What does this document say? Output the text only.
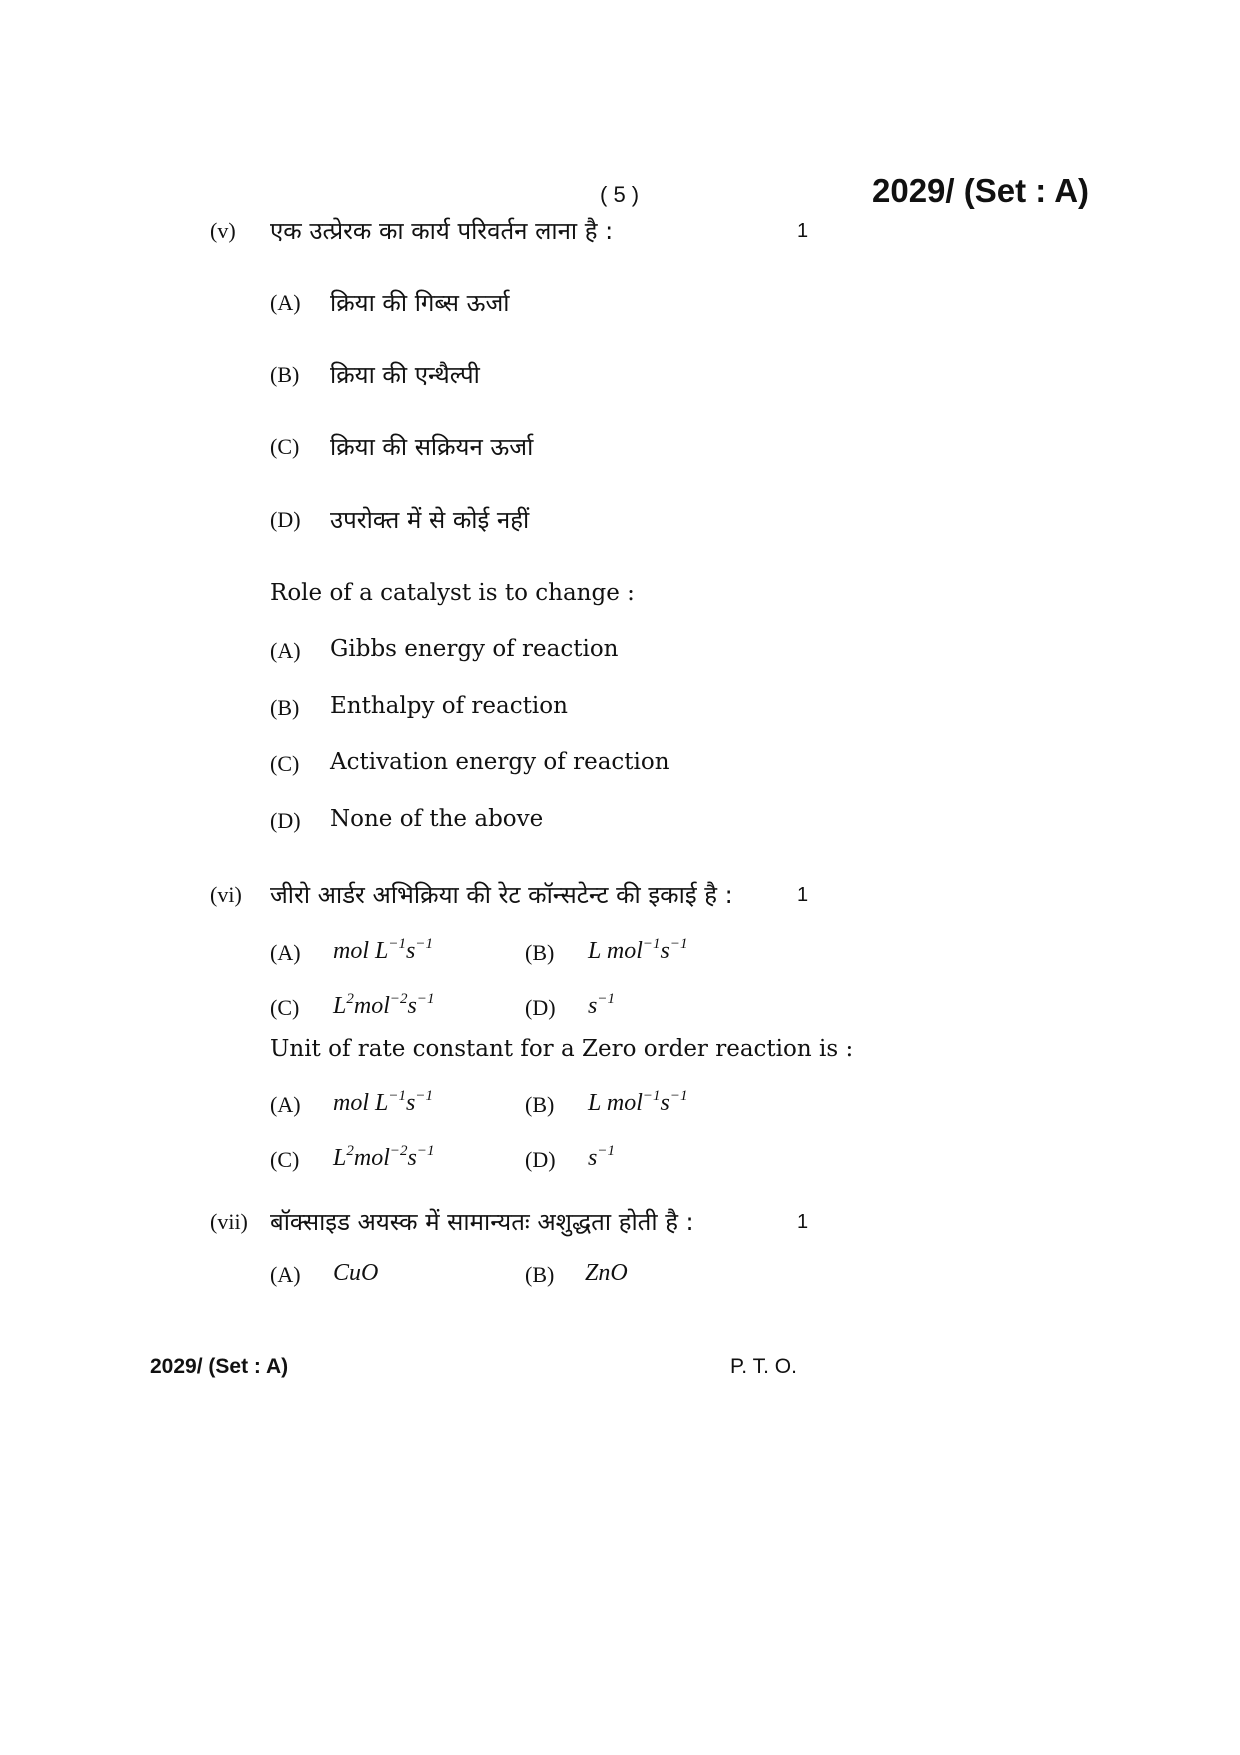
( 5 )	2029/ (Set : A)
(v) एक उत्प्रेरक का कार्य परिवर्तन लाना है :	1
(A) क्रिया की गिब्स ऊर्जा
(B) क्रिया की एन्थैल्पी
(C) क्रिया की सक्रियन ऊर्जा
(D) उपरोक्त में से कोई नहीं
Role of a catalyst is to change :
(A) Gibbs energy of reaction
(B) Enthalpy of reaction
(C) Activation energy of reaction
(D) None of the above
(vi) जीरो आर्डर अभिक्रिया की रेट कॉन्सटेन्ट की इकाई है :	1
(A) mol $L^{-1}s^{-1}$	(B) L $mol^{-1}s^{-1}$
(C) $L^2mol^{-2}s^{-1}$	(D) $s^{-1}$
Unit of rate constant for a Zero order reaction is :
(A) mol $L^{-1}s^{-1}$	(B) L $mol^{-1}s^{-1}$
(C) $L^2mol^{-2}s^{-1}$	(D) $s^{-1}$
(vii) बॉक्साइड अयस्क में सामान्यतः अशुद्धता होती है :	1
(A) CuO	(B) ZnO
2029/ (Set : A)	P. T. O.
